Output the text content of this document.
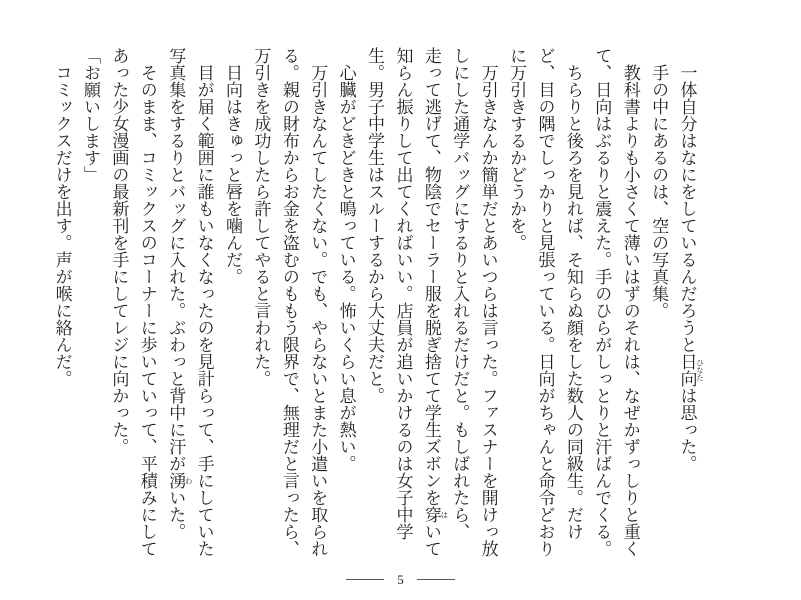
一体自分はなにをしているんだろうと日向 ひなたは思った。

手の中にあるのは、空の写真集。

教科書よりも小さくて薄いはずのそれは、なぜかずっしりと重くて、日向はぶるりと震えた。手のひらがしっとりと汗ばんでくる。

ちらりと後ろを見れば、そ知らぬ顔をした数人の同級生。だけど、目の隅でしっかりと見張っている。日向がちゃんと命令どおりに万引きするかどうかを。

万引きなんか簡単だとあいつらは言った。ファスナーを開けっ放しにした通学バッグにするりと入れるだけだと。もしばれたら、走って逃げて、物陰でセーラー服を脱ぎ捨てて学生ズボンを穿 はいて知らん振りして出てくればいい。店員が追いかけるのは女子中学生。男子中学生はスルーするから大丈夫だと。

心臓がどきどきと鳴っている。怖いくらい息が熱い。

万引きなんてしたくない。でも、やらないとまた小遣いを取られる。親の財布からお金を盗むのももう限界で、無理だと言ったら、万引きを成功したら許してやると言われた。

日向はきゅっと唇を噛んだ。

目が届く範囲に誰もいなくなったのを見計らって、手にしていた写真集をするりとバッグに入れた。ぶわっと背中に汗が湧 わいた。

そのまま、コミックスのコーナーに歩いていって、平積みにしてあった少女漫画の最新刊を手にしてレジに向かった。

「お願いします」

コミックスだけを出す。声が喉に絡んだ。

5
